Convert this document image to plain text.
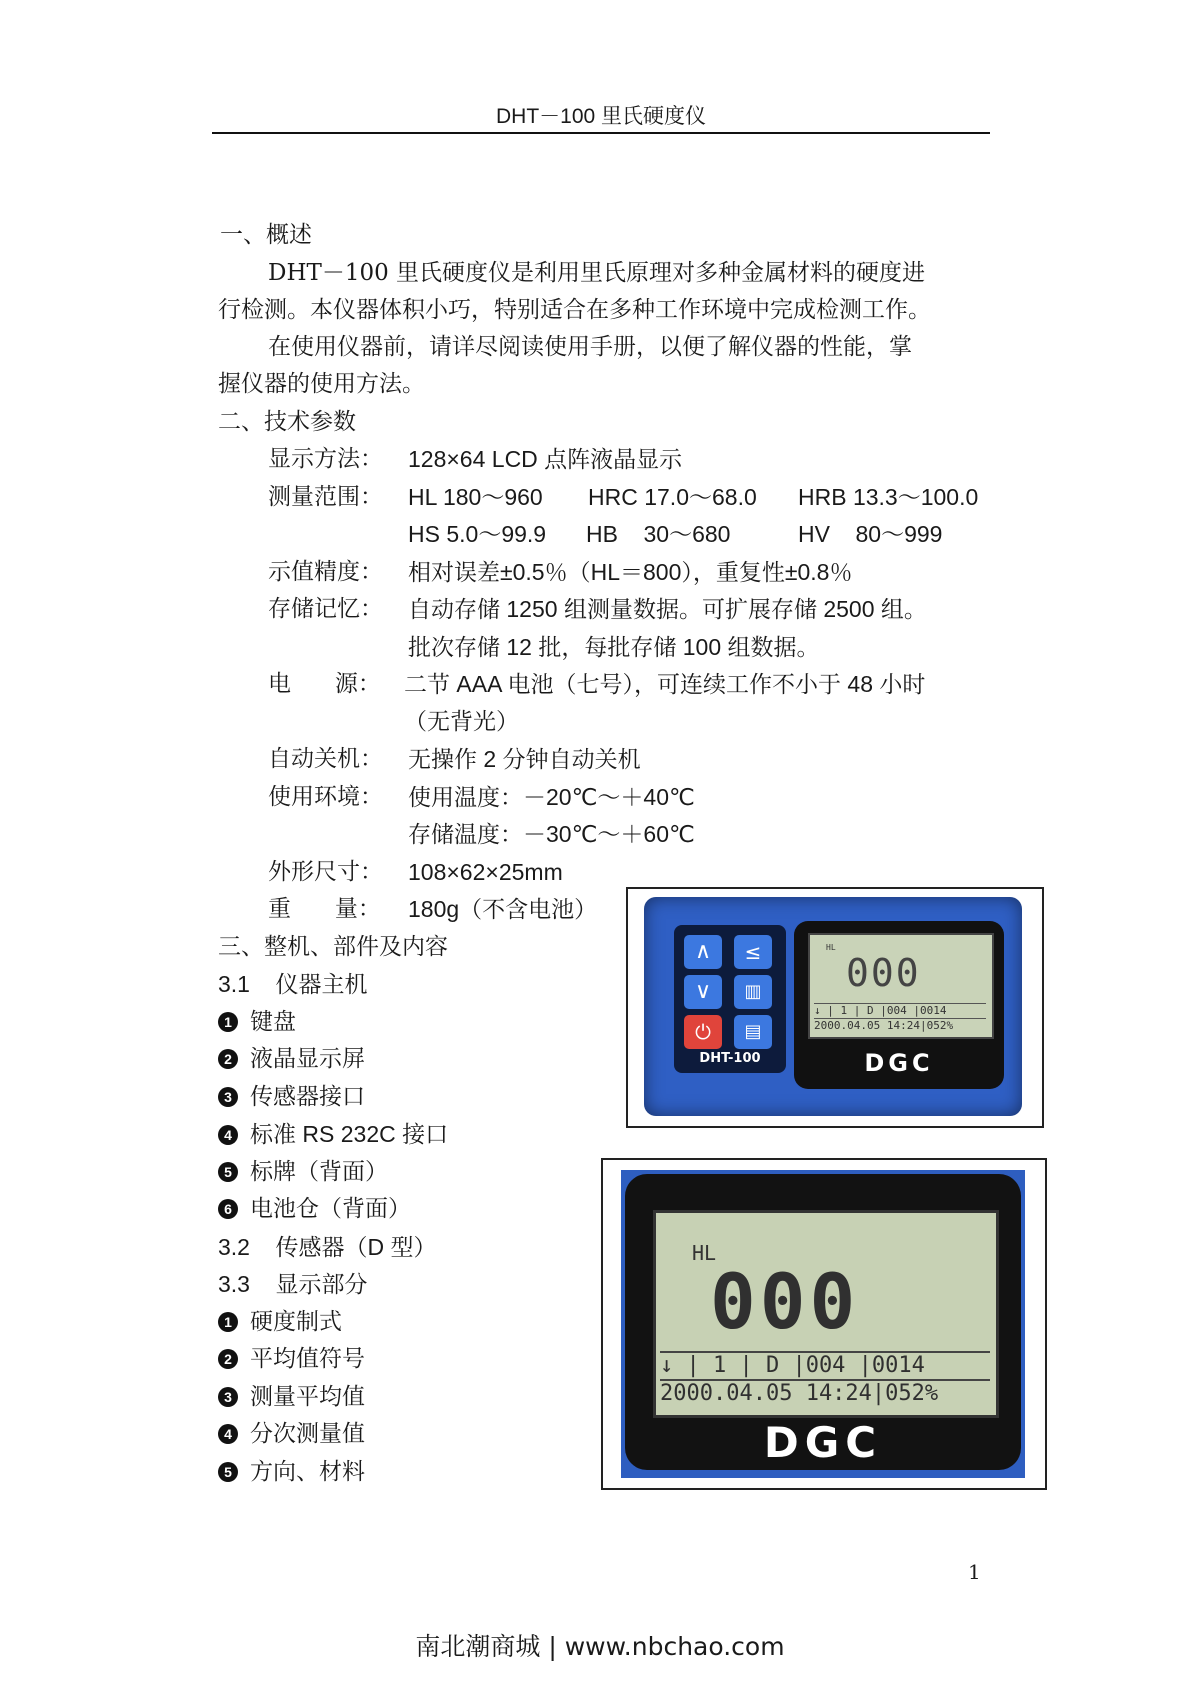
DHT－100 里氏硬度仪
一、概述
DHT－100 里氏硬度仪是利用里氏原理对多种金属材料的硬度进
行检测。本仪器体积小巧，特别适合在多种工作环境中完成检测工作。
在使用仪器前，请详尽阅读使用手册，以便了解仪器的性能，掌
握仪器的使用方法。
二、技术参数
显示方法： 128×64 LCD 点阵液晶显示
测量范围： HL 180～960 HRC 17.0～68.0 HRB 13.3～100.0
HS 5.0～99.9 HB    30～680	HV    80～999
示值精度： 相对误差±0.5％（HL＝800），重复性±0.8％
存储记忆： 自动存储 1250 组测量数据。可扩展存储 2500 组。
批次存储 12 批，每批存储 100 组数据。
电      源： 二节 AAA 电池（七号），可连续工作不小于 48 小时
（无背光）
自动关机： 无操作 2 分钟自动关机
使用环境： 使用温度：－20℃～＋40℃
存储温度：－30℃～＋60℃
外形尺寸： 108×62×25mm
重      量： 180g（不含电池）
三、整机、部件及内容
3.1    仪器主机
1 键盘
2 液晶显示屏
3 传感器接口
4 标准 RS 232C 接口
5 标牌（背面）
6 电池仓（背面）
3.2    传感器（D 型）
3.3    显示部分
1 硬度制式
2 平均值符号
3 测量平均值
4 分次测量值
5 方向、材料
∧	≤
∨	▥
⏻	▤
DHT-100
HL
000
↓ | 1 | D |004 |0014
2000.04.05 14:24|052%
DGC
HL
000
↓ | 1 | D |004 |0014
2000.04.05 14:24|052%
DGC
1
南北潮商城 | www.nbchao.com
